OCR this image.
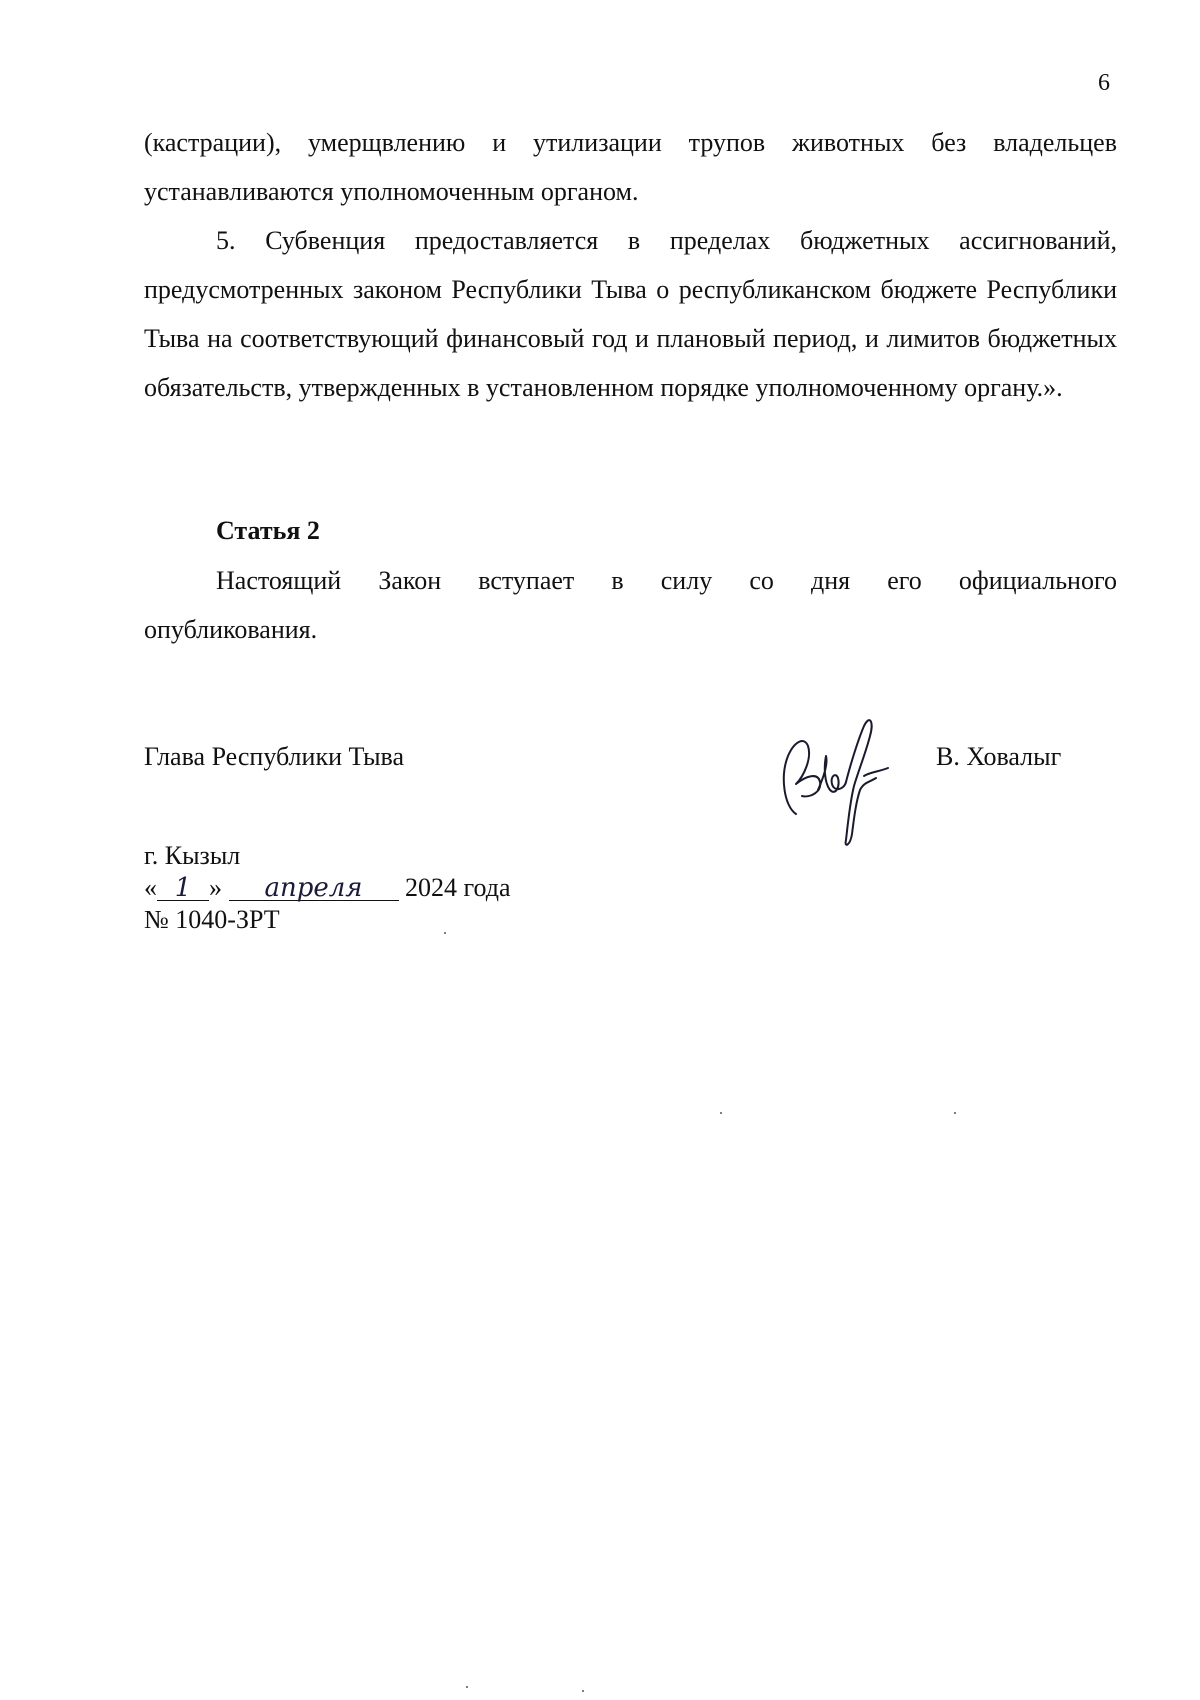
6
(кастрации), умерщвлению и утилизации трупов животных без владельцев устанавливаются уполномоченным органом.
5. Субвенция предоставляется в пределах бюджетных ассигнований, предусмотренных законом Республики Тыва о республиканском бюджете Республики Тыва на соответствующий финансовый год и плановый период, и лимитов бюджетных обязательств, утвержденных в установленном порядке уполномоченному органу.».
Статья 2
Настоящий Закон вступает в силу со дня его официального
опубликования.
Глава Республики Тыва	В. Ховалыг
г. Кызыл
« 1 » апреля 2024 года
№ 1040-ЗРТ
